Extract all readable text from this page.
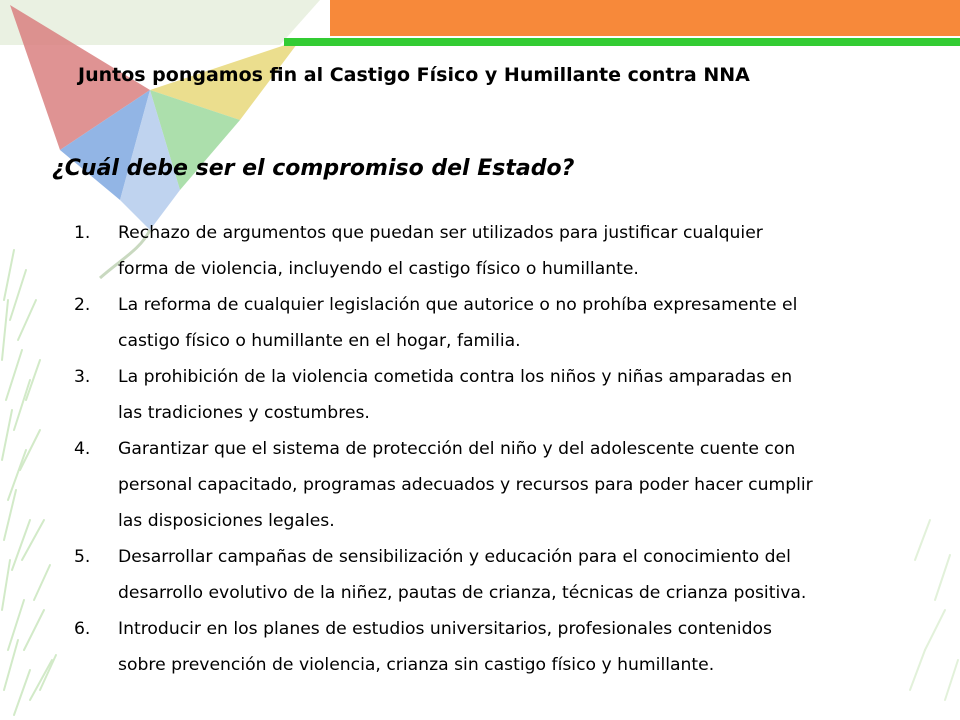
Juntos pongamos fin al Castigo Físico y Humillante contra NNA
¿Cuál debe ser el compromiso del Estado?
1.	Rechazo de argumentos que puedan ser utilizados para justificar cualquier
forma de violencia, incluyendo el castigo físico o humillante.
2.	La reforma de cualquier legislación que autorice o no prohíba expresamente el
castigo físico o humillante en el hogar, familia.
3.	La prohibición de la violencia cometida contra los niños y niñas amparadas en
las tradiciones y costumbres.
4.	Garantizar que el sistema de protección del niño y del adolescente cuente con
personal capacitado, programas adecuados y recursos para poder hacer cumplir
las disposiciones legales.
5.	Desarrollar campañas de sensibilización y educación para el conocimiento del
desarrollo evolutivo de la niñez, pautas de crianza, técnicas de crianza positiva.
6.	Introducir en los planes de estudios universitarios, profesionales contenidos
sobre prevención de violencia, crianza sin castigo físico y humillante.
